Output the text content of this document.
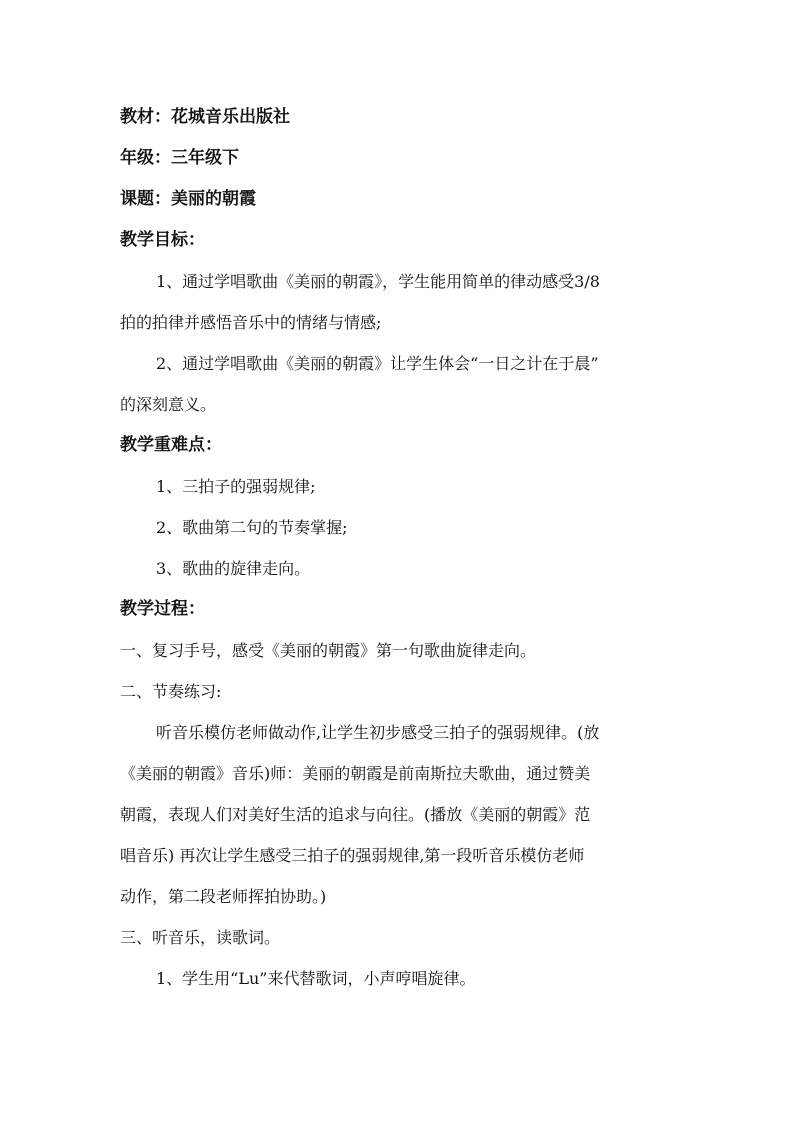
教材：花城音乐出版社
年级：三年级下
课题：美丽的朝霞
教学目标：
1、通过学唱歌曲《美丽的朝霞》，学生能用简单的律动感受3/8
拍的拍律并感悟音乐中的情绪与情感;
2、通过学唱歌曲《美丽的朝霞》让学生体会“一日之计在于晨”
的深刻意义。
教学重难点：
1、三拍子的强弱规律;
2、歌曲第二句的节奏掌握;
3、歌曲的旋律走向。
教学过程：
一、复习手号，感受《美丽的朝霞》第一句歌曲旋律走向。
二、节奏练习:
听音乐模仿老师做动作,让学生初步感受三拍子的强弱规律。(放
《美丽的朝霞》音乐)师：美丽的朝霞是前南斯拉夫歌曲，通过赞美
朝霞，表现人们对美好生活的追求与向往。(播放《美丽的朝霞》范
唱音乐) 再次让学生感受三拍子的强弱规律,第一段听音乐模仿老师
动作，第二段老师挥拍协助。)
三、听音乐，读歌词。
1、学生用“Lu”来代替歌词，小声哼唱旋律。
